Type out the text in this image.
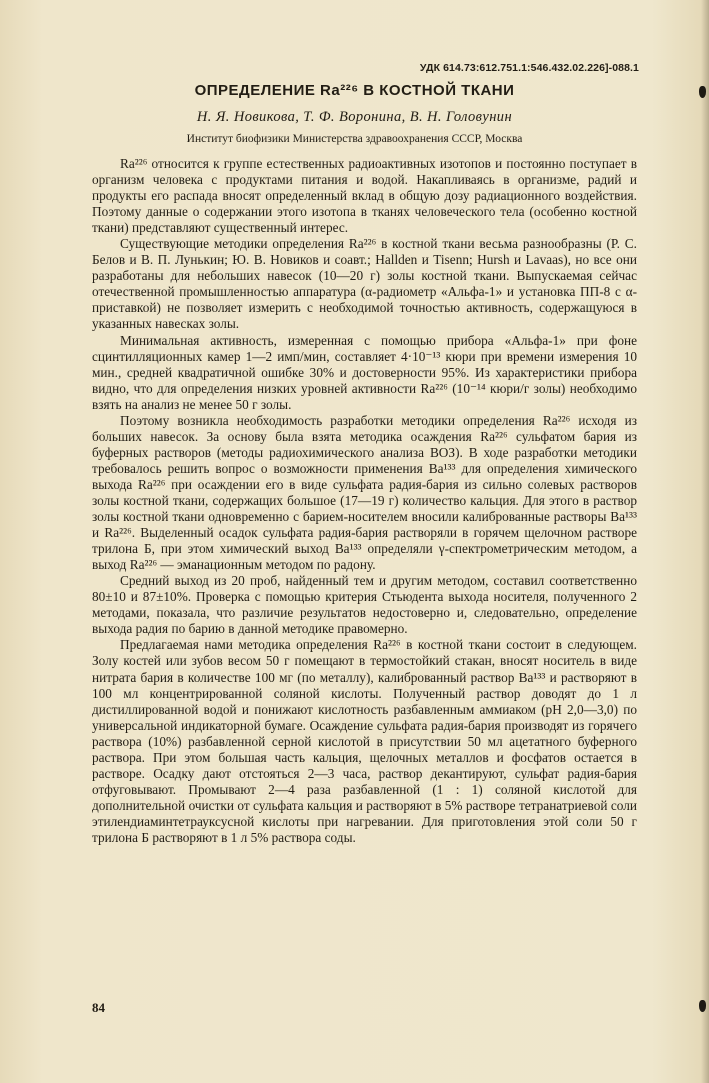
УДК 614.73:612.751.1:546.432.02.226]-088.1
ОПРЕДЕЛЕНИЕ Ra²²⁶ В КОСТНОЙ ТКАНИ
Н. Я. Новикова, Т. Ф. Воронина, В. Н. Головунин
Институт биофизики Министерства здравоохранения СССР, Москва

Ra²²⁶ относится к группе естественных радиоактивных изотопов и постоянно поступает в организм человека с продуктами питания и водой. Накапливаясь в организме, радий и продукты его распада вносят определенный вклад в общую дозу радиационного воздействия. Поэтому данные о содержании этого изотопа в тканях человеческого тела (особенно костной ткани) представляют существенный интерес.

Существующие методики определения Ra²²⁶ в костной ткани весьма разнообразны (Р. С. Белов и В. П. Лунькин; Ю. В. Новиков и соавт.; Hallden и Tisenn; Hursh и Lavaas), но все они разработаны для небольших навесок (10—20 г) золы костной ткани. Выпускаемая сейчас отечественной промышленностью аппаратура (α-радиометр «Альфа-1» и установка ПП-8 с α-приставкой) не позволяет измерить с необходимой точностью активность, содержащуюся в указанных навесках золы.

Минимальная активность, измеренная с помощью прибора «Альфа-1» при фоне сцинтилляционных камер 1—2 имп/мин, составляет 4·10⁻¹³ кюри при времени измерения 10 мин., средней квадратичной ошибке 30% и достоверности 95%. Из характеристики прибора видно, что для определения низких уровней активности Ra²²⁶ (10⁻¹⁴ кюри/г золы) необходимо взять на анализ не менее 50 г золы.

Поэтому возникла необходимость разработки методики определения Ra²²⁶ исходя из больших навесок. За основу была взята методика осаждения Ra²²⁶ сульфатом бария из буферных растворов (методы радиохимического анализа ВОЗ). В ходе разработки методики требовалось решить вопрос о возможности применения Ba¹³³ для определения химического выхода Ra²²⁶ при осаждении его в виде сульфата радия-бария из сильно солевых растворов золы костной ткани, содержащих большое (17—19 г) количество кальция. Для этого в раствор золы костной ткани одновременно с барием-носителем вносили калиброванные растворы Ba¹³³ и Ra²²⁶. Выделенный осадок сульфата радия-бария растворяли в горячем щелочном растворе трилона Б, при этом химический выход Ba¹³³ определяли γ-спектрометрическим методом, а выход Ra²²⁶ — эманационным методом по радону.

Средний выход из 20 проб, найденный тем и другим методом, составил соответственно 80±10 и 87±10%. Проверка с помощью критерия Стьюдента выхода носителя, полученного 2 методами, показала, что различие результатов недостоверно и, следовательно, определение выхода радия по барию в данной методике правомерно.

Предлагаемая нами методика определения Ra²²⁶ в костной ткани состоит в следующем. Золу костей или зубов весом 50 г помещают в термостойкий стакан, вносят носитель в виде нитрата бария в количестве 100 мг (по металлу), калиброванный раствор Ba¹³³ и растворяют в 100 мл концентрированной соляной кислоты. Полученный раствор доводят до 1 л дистиллированной водой и понижают кислотность разбавленным аммиаком (pH 2,0—3,0) по универсальной индикаторной бумаге. Осаждение сульфата радия-бария производят из горячего раствора (10%) разбавленной серной кислотой в присутствии 50 мл ацетатного буферного раствора. При этом большая часть кальция, щелочных металлов и фосфатов остается в растворе. Осадку дают отстояться 2—3 часа, раствор декантируют, сульфат радия-бария отфуговывают. Промывают 2—4 раза разбавленной (1 : 1) соляной кислотой для дополнительной очистки от сульфата кальция и растворяют в 5% растворе тетранатриевой соли этилендиаминтетрауксусной кислоты при нагревании. Для приготовления этой соли 50 г трилона Б растворяют в 1 л 5% раствора соды.

84
